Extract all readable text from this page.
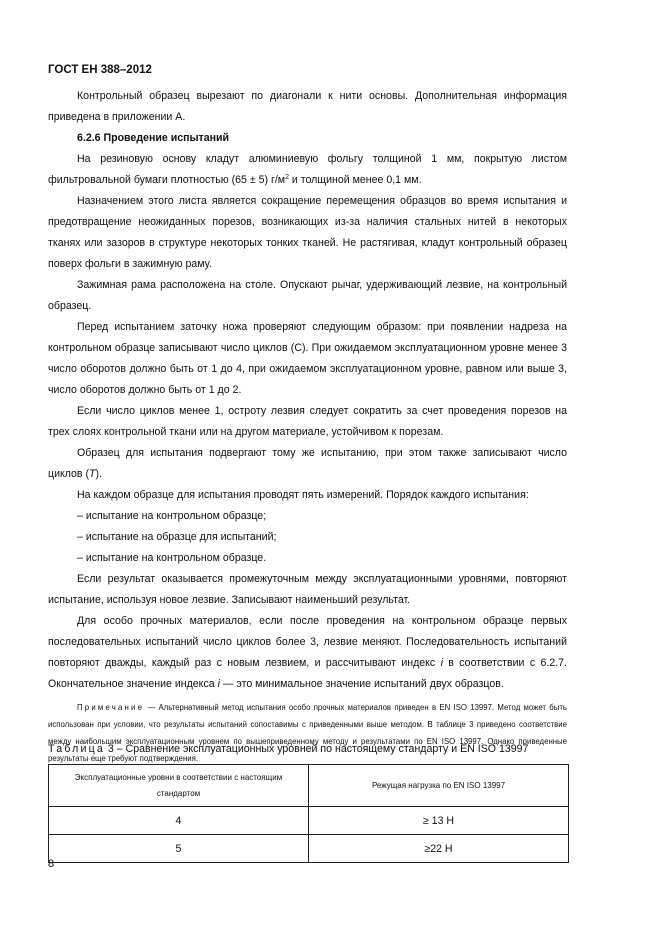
ГОСТ ЕН 388–2012

Контрольный образец вырезают по диагонали к нити основы. Дополнительная информация приведена в приложении А.

6.2.6 Проведение испытаний

На резиновую основу кладут алюминиевую фольгу толщиной 1 мм, покрытую листом фильтровальной бумаги плотностью (65 ± 5) $г/м^2$ и толщиной менее 0,1 мм.

Назначением этого листа является сокращение перемещения образцов во время испытания и предотвращение неожиданных порезов, возникающих из-за наличия стальных нитей в некоторых тканях или зазоров в структуре некоторых тонких тканей. Не растягивая, кладут контрольный образец поверх фольги в зажимную раму.

Зажимная рама расположена на столе. Опускают рычаг, удерживающий лезвие, на контрольный образец.

Перед испытанием заточку ножа проверяют следующим образом: при появлении надреза на контрольном образце записывают число циклов (С). При ожидаемом эксплуатационном уровне менее 3 число оборотов должно быть от 1 до 4, при ожидаемом эксплуатационном уровне, равном или выше 3, число оборотов должно быть от 1 до 2.

Если число циклов менее 1, остроту лезвия следует сократить за счет проведения порезов на трех слоях контрольной ткани или на другом материале, устойчивом к порезам.

Образец для испытания подвергают тому же испытанию, при этом также записывают число циклов (Т).

На каждом образце для испытания проводят пять измерений. Порядок каждого испытания:

– испытание на контрольном образце;

– испытание на образце для испытаний;

– испытание на контрольном образце.

Если результат оказывается промежуточным между эксплуатационными уровнями, повторяют испытание, используя новое лезвие. Записывают наименьший результат.

Для особо прочных материалов, если после проведения на контрольном образце первых последовательных испытаний число циклов более 3, лезвие меняют. Последовательность испытаний повторяют дважды, каждый раз с новым лезвием, и рассчитывают индекс i в соответствии с 6.2.7. Окончательное значение индекса i — это минимальное значение испытаний двух образцов.

Примечание — Альтернативный метод испытания особо прочных материалов приведен в EN ISO 13997. Метод может быть использован при условии, что результаты испытаний сопоставимы с приведенными выше методом. В таблице 3 приведено соответствие между наибольшим эксплуатационным уровнем по вышеприведенному методу и результатами по EN ISO 13997. Однако приведенные результаты еще требуют подтверждения.

Таблица 3 – Сравнение эксплуатационных уровней по настоящему стандарту и EN ISO 13997
Эксплуатационные уровни в соответствии с настоящим стандартом	Режущая нагрузка по EN ISO 13997
4	≥ 13 Н
5	≥22 Н
8
